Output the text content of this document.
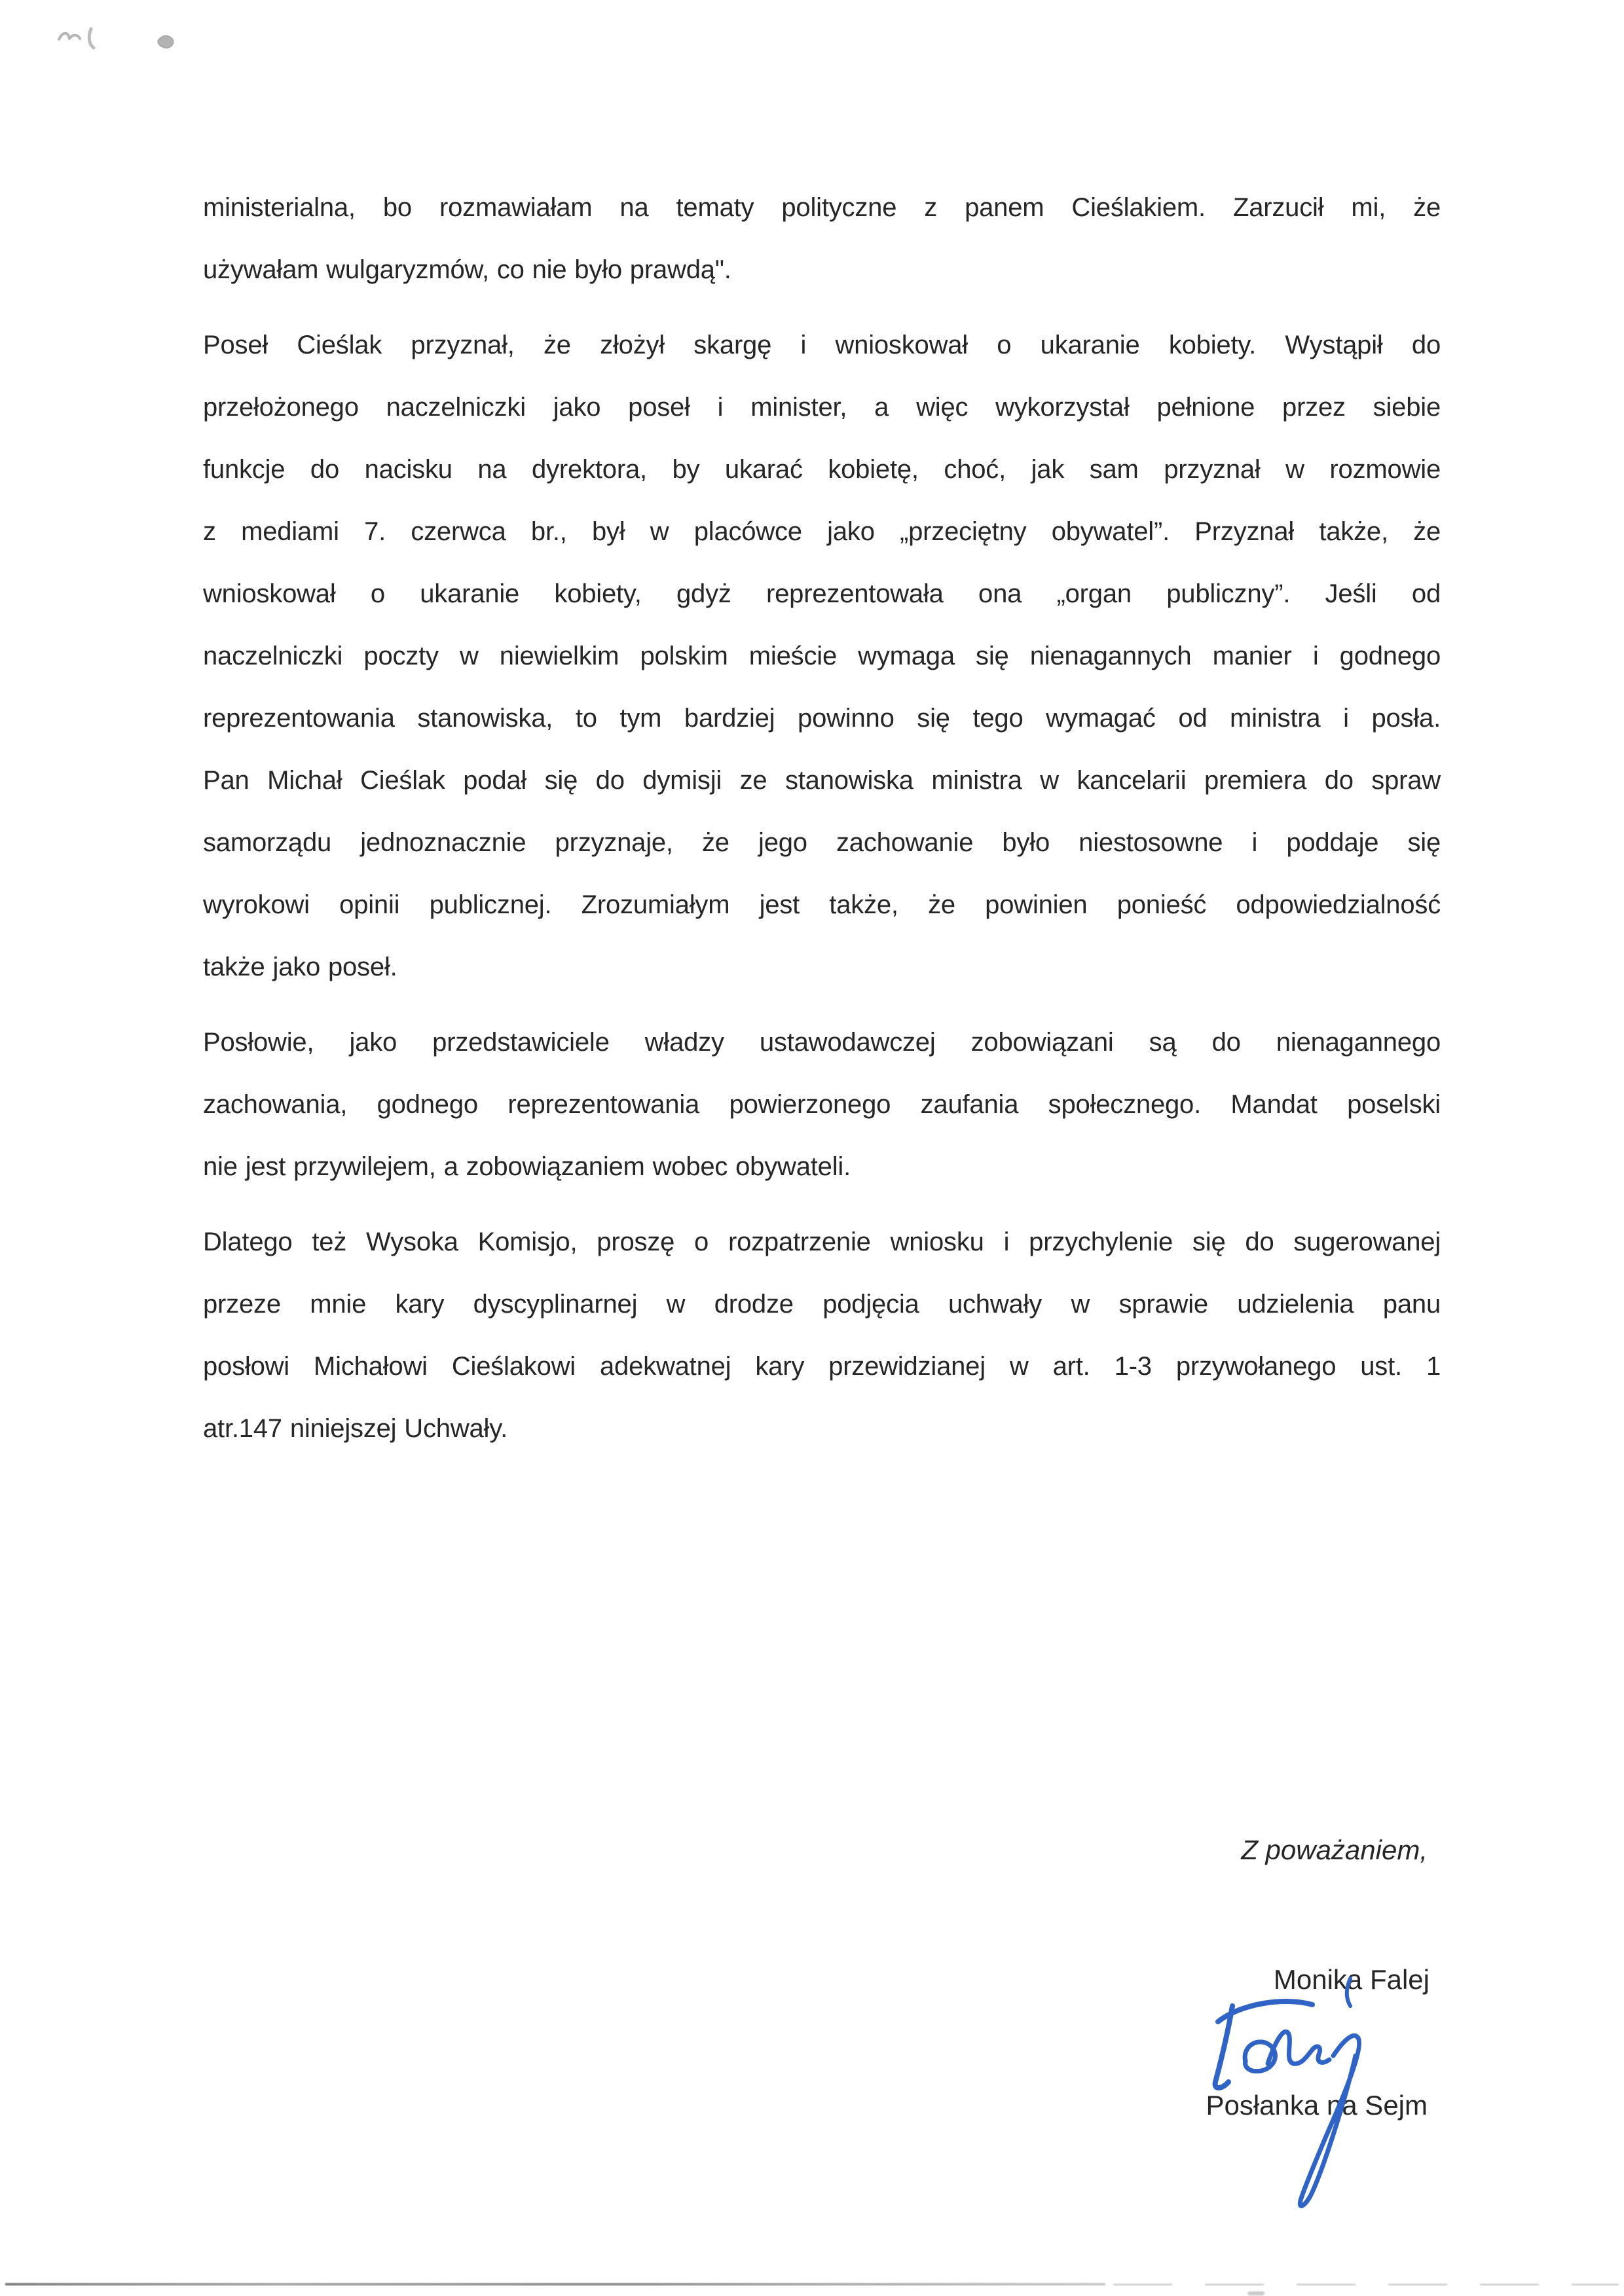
ministerialna, bo rozmawiałam na tematy polityczne z panem Cieślakiem. Zarzucił mi, że
używałam wulgaryzmów, co nie było prawdą".
Poseł Cieślak przyznał, że złożył skargę i wnioskował o ukaranie kobiety. Wystąpił do
przełożonego naczelniczki jako poseł i minister, a więc wykorzystał pełnione przez siebie
funkcje do nacisku na dyrektora, by ukarać kobietę, choć, jak sam przyznał w rozmowie
z mediami 7. czerwca br., był w placówce jako „przeciętny obywatel”. Przyznał także, że
wnioskował o ukaranie kobiety, gdyż reprezentowała ona „organ publiczny”. Jeśli od
naczelniczki poczty w niewielkim polskim mieście wymaga się nienagannych manier i godnego
reprezentowania stanowiska, to tym bardziej powinno się tego wymagać od ministra i posła.
Pan Michał Cieślak podał się do dymisji ze stanowiska ministra w kancelarii premiera do spraw
samorządu jednoznacznie przyznaje, że jego zachowanie było niestosowne i poddaje się
wyrokowi opinii publicznej. Zrozumiałym jest także, że powinien ponieść odpowiedzialność
także jako poseł.
Posłowie, jako przedstawiciele władzy ustawodawczej zobowiązani są do nienagannego
zachowania, godnego reprezentowania powierzonego zaufania społecznego. Mandat poselski
nie jest przywilejem, a zobowiązaniem wobec obywateli.
Dlatego też Wysoka Komisjo, proszę o rozpatrzenie wniosku i przychylenie się do sugerowanej
przeze mnie kary dyscyplinarnej w drodze podjęcia uchwały w sprawie udzielenia panu
posłowi Michałowi Cieślakowi adekwatnej kary przewidzianej w art. 1-3 przywołanego ust. 1
atr.147 niniejszej Uchwały.
Z poważaniem,
Monika Falej
Posłanka na Sejm
